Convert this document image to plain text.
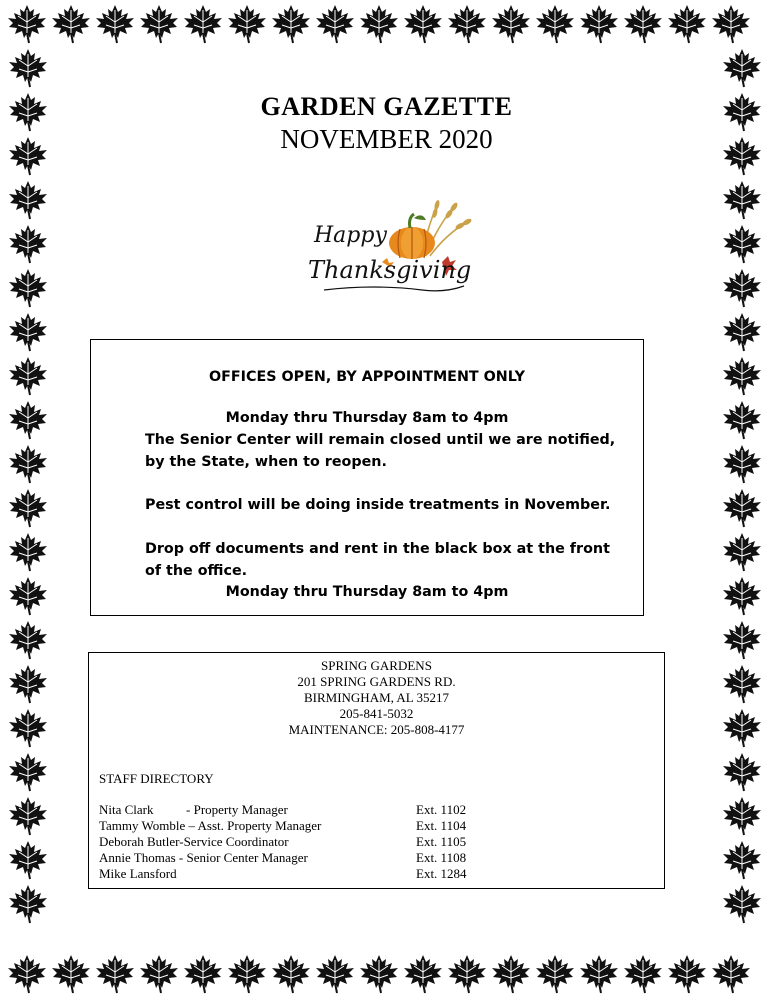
GARDEN GAZETTE
NOVEMBER 2020
Happy
Thanksgiving

OFFICES OPEN, BY APPOINTMENT ONLY

Monday thru Thursday 8am to 4pm

The Senior Center will remain closed until we are notified, by the State, when to reopen.

Pest control will be doing inside treatments in November.

Drop off documents and rent in the black box at the front of the office.

Monday thru Thursday 8am to 4pm

SPRING GARDENS
201 SPRING GARDENS RD.
BIRMINGHAM, AL 35217
205-841-5032
MAINTENANCE: 205-808-4177
STAFF DIRECTORY
Nita Clark          - Property Manager	Ext. 1102
Tammy Womble – Asst. Property Manager	Ext. 1104
Deborah Butler-Service Coordinator	Ext. 1105
Annie Thomas - Senior Center Manager	Ext. 1108
Mike Lansford	Ext. 1284
